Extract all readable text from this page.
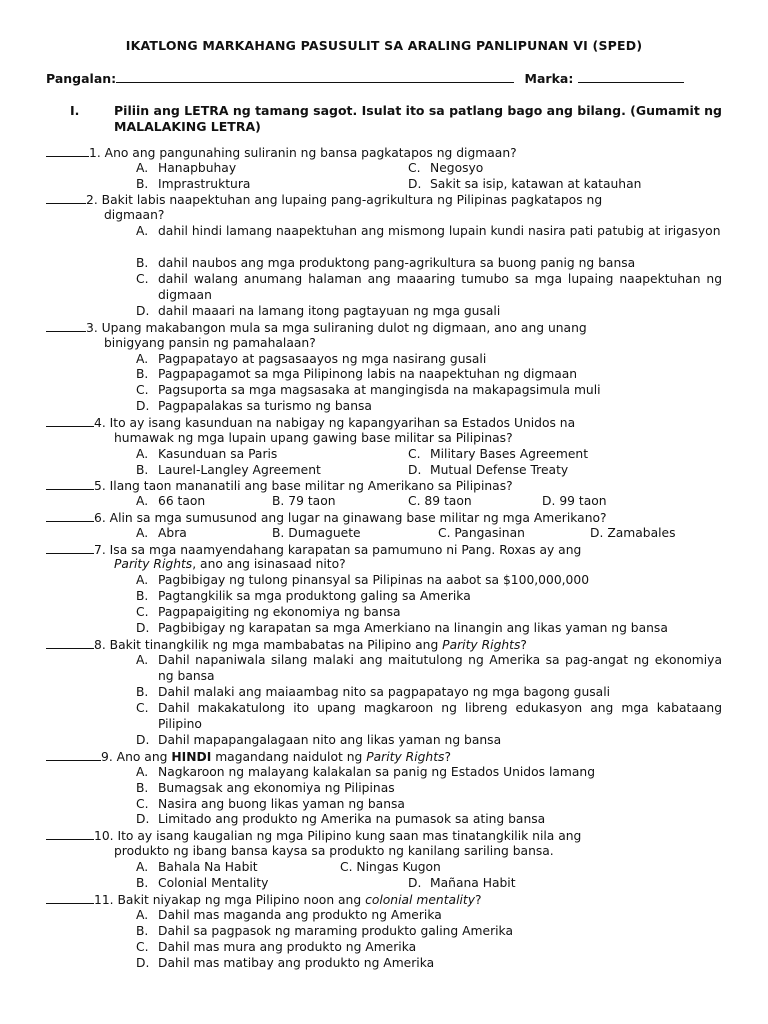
IKATLONG MARKAHANG PASUSULIT SA ARALING PANLIPUNAN VI (SPED)
Pangalan:	Marka:
I.	Piliin ang LETRA ng tamang sagot. Isulat ito sa patlang bago ang bilang. (Gumamit ng MALALAKING LETRA)
1. Ano ang pangunahing suliranin ng bansa pagkatapos ng digmaan?
A. Hanapbuhay	C. Negosyo
B. Imprastruktura	D. Sakit sa isip, katawan at katauhan
2. Bakit labis naapektuhan ang lupaing pang-agrikultura ng Pilipinas pagkatapos ng
digmaan?
A. dahil hindi lamang naapektuhan ang mismong lupain kundi nasira pati patubig at irigasyon
B. dahil naubos ang mga produktong pang-agrikultura sa buong panig ng bansa
C. dahil walang anumang halaman ang maaaring tumubo sa mga lupaing naapektuhan ng digmaan
D. dahil maaari na lamang itong pagtayuan ng mga gusali
3. Upang makabangon mula sa mga suliraning dulot ng digmaan, ano ang unang
binigyang pansin ng pamahalaan?
A. Pagpapatayo at pagsasaayos ng mga nasirang gusali
B. Pagpapagamot sa mga Pilipinong labis na naapektuhan ng digmaan
C. Pagsuporta sa mga magsasaka at mangingisda na makapagsimula muli
D. Pagpapalakas sa turismo ng bansa
4. Ito ay isang kasunduan na nabigay ng kapangyarihan sa Estados Unidos na
humawak ng mga lupain upang gawing base militar sa Pilipinas?
A. Kasunduan sa Paris	C. Military Bases Agreement
B. Laurel-Langley Agreement	D. Mutual Defense Treaty
5. Ilang taon mananatili ang base militar ng Amerikano sa Pilipinas?
A. 66 taon	B. 79 taon	C. 89 taon	D. 99 taon
6. Alin sa mga sumusunod ang lugar na ginawang base militar ng mga Amerikano?
A. Abra	B. Dumaguete	C. Pangasinan	D. Zamabales
7. Isa sa mga naamyendahang karapatan sa pamumuno ni Pang. Roxas ay ang
Parity Rights, ano ang isinasaad nito?
A. Pagbibigay ng tulong pinansyal sa Pilipinas na aabot sa $100,000,000
B. Pagtangkilik sa mga produktong galing sa Amerika
C. Pagpapaigiting ng ekonomiya ng bansa
D. Pagbibigay ng karapatan sa mga Amerkiano na linangin ang likas yaman ng bansa
8. Bakit tinangkilik ng mga mambabatas na Pilipino ang Parity Rights?
A. Dahil napaniwala silang malaki ang maitutulong ng Amerika sa pag-angat ng ekonomiya ng bansa
B. Dahil malaki ang maiaambag nito sa pagpapatayo ng mga bagong gusali
C. Dahil makakatulong ito upang magkaroon ng libreng edukasyon ang mga kabataang Pilipino
D. Dahil mapapangalagaan nito ang likas yaman ng bansa
9. Ano ang HINDI magandang naidulot ng Parity Rights?
A. Nagkaroon ng malayang kalakalan sa panig ng Estados Unidos lamang
B. Bumagsak ang ekonomiya ng Pilipinas
C. Nasira ang buong likas yaman ng bansa
D. Limitado ang produkto ng Amerika na pumasok sa ating bansa
10. Ito ay isang kaugalian ng mga Pilipino kung saan mas tinatangkilik nila ang
produkto ng ibang bansa kaysa sa produkto ng kanilang sariling bansa.
A. Bahala Na Habit	C. Ningas Kugon
B. Colonial Mentality	D. Mañana Habit
11. Bakit niyakap ng mga Pilipino noon ang colonial mentality?
A. Dahil mas maganda ang produkto ng Amerika
B. Dahil sa pagpasok ng maraming produkto galing Amerika
C. Dahil mas mura ang produkto ng Amerika
D. Dahil mas matibay ang produkto ng Amerika
